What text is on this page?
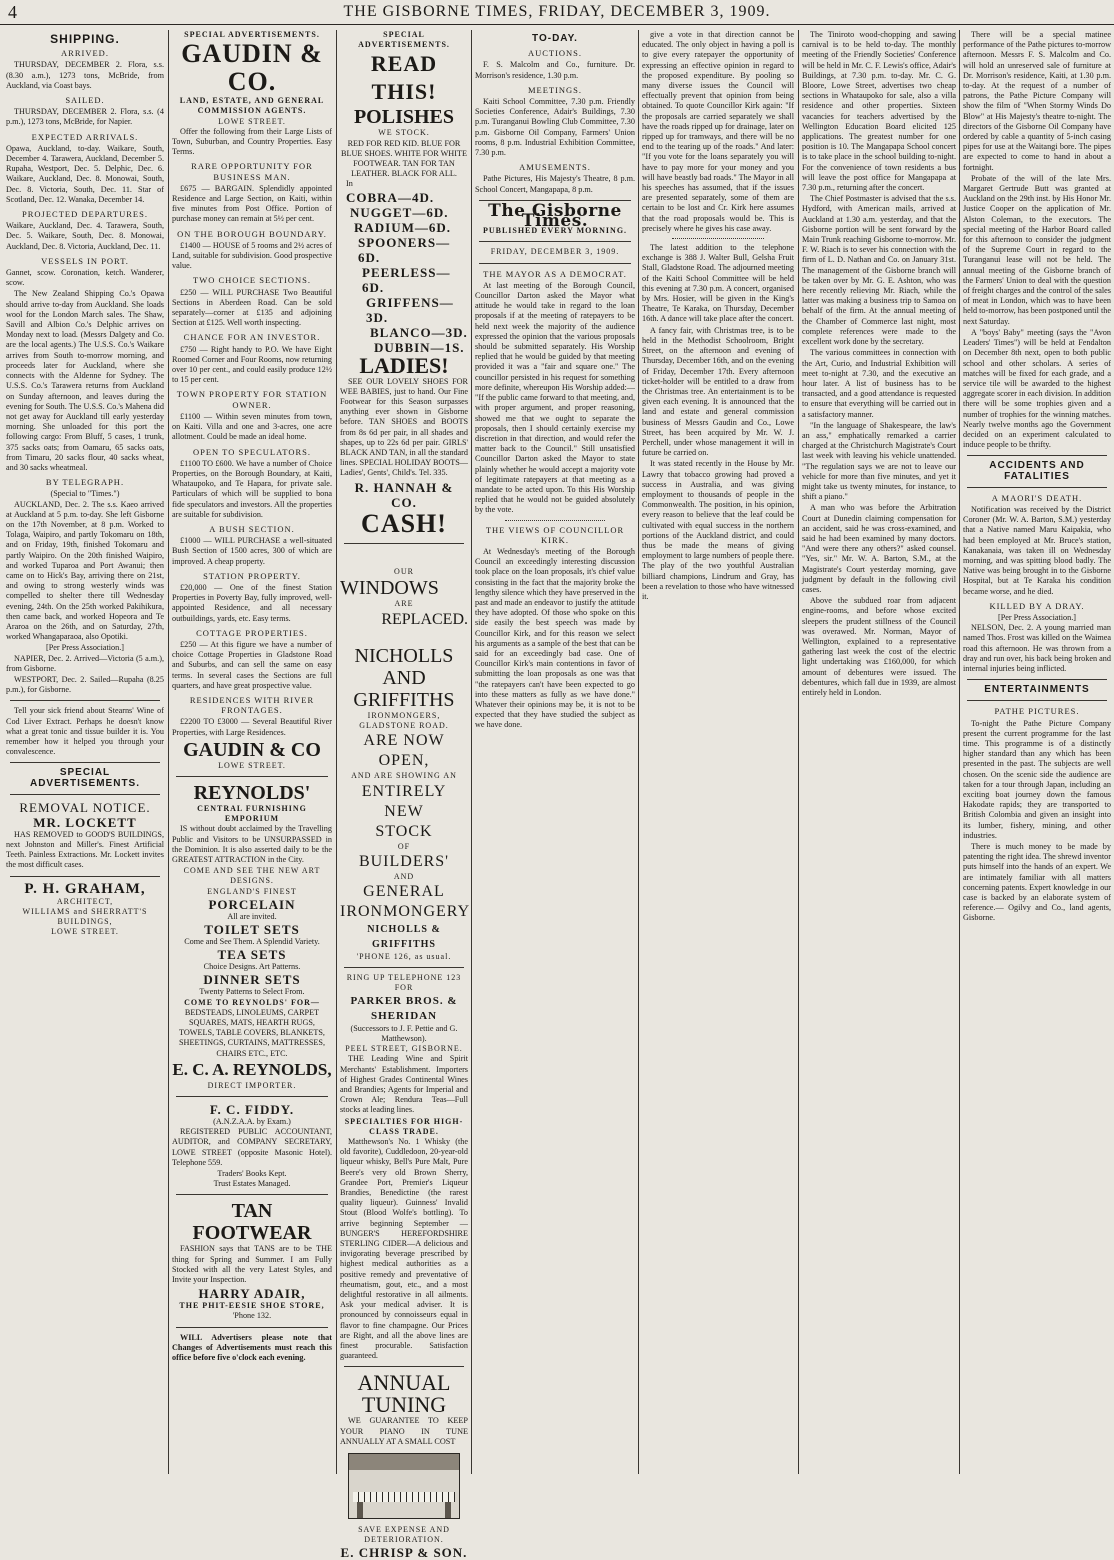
4	THE GISBORNE TIMES, FRIDAY, DECEMBER 3, 1909.
SHIPPING.
ARRIVED.

THURSDAY, DECEMBER 2. Flora, s.s. (8.30 a.m.), 1273 tons, McBride, from Auckland, via Coast bays.

SAILED.

THURSDAY, DECEMBER 2. Flora, s.s. (4 p.m.), 1273 tons, McBride, for Napier.

EXPECTED ARRIVALS.

Opawa, Auckland, to-day. Waikare, South, December 4. Tarawera, Auckland, December 5. Rupaha, Westport, Dec. 5. Delphic, Dec. 6. Waikare, Auckland, Dec. 8. Monowai, South, Dec. 8. Victoria, South, Dec. 11. Star of Scotland, Dec. 12. Wanaka, December 14.

PROJECTED DEPARTURES.

Waikare, Auckland, Dec. 4. Tarawera, South, Dec. 5. Waikare, South, Dec. 8. Monowai, Auckland, Dec. 8. Victoria, Auckland, Dec. 11.

VESSELS IN PORT.

Gannet, scow. Coronation, ketch. Wanderer, scow.

The New Zealand Shipping Co.'s Opawa should arrive to-day from Auckland. She loads wool for the London March sales. The Shaw, Savill and Albion Co.'s Delphic arrives on Monday next to load. (Messrs Dalgety and Co. are the local agents.) The U.S.S. Co.'s Waikare arrives from South to-morrow morning, and proceeds later for Auckland, where she connects with the Aldenne for Sydney. The U.S.S. Co.'s Tarawera returns from Auckland on Sunday afternoon, and leaves during the evening for South. The U.S.S. Co.'s Mahena did not get away for Auckland till early yesterday morning. She unloaded for this port the following cargo: From Bluff, 5 cases, 1 trunk, 375 sacks oats; from Oamaru, 65 sacks oats, from Timaru, 20 sacks flour, 40 sacks wheat, and 30 sacks wheatmeal.

BY TELEGRAPH.
(Special to "Times.")

AUCKLAND, Dec. 2. The s.s. Kaeo arrived at Auckland at 5 p.m. to-day. She left Gisborne on the 17th November, at 8 p.m. Worked to Tolaga, Waipiro, and partly Tokomaru on 18th, and on Friday, 19th, finished Tokomaru and partly Waipiro. On the 20th finished Waipiro, and worked Tuparoa and Port Awanui; then came on to Hick's Bay, arriving there on 21st, and owing to strong westerly winds was compelled to shelter there till Wednesday evening, 24th. On the 25th worked Pakihikura, then came back, and worked Hopeora and Te Araroa on the 26th, and on Saturday, 27th, worked Whangaparaoa, also Opotiki.

[Per Press Association.]

NAPIER, Dec. 2. Arrived—Victoria (5 a.m.), from Gisborne.

WESTPORT, Dec. 2. Sailed—Rupaha (8.25 p.m.), for Gisborne.

Tell your sick friend about Stearns' Wine of Cod Liver Extract. Perhaps he doesn't know what a great tonic and tissue builder it is. You remember how it helped you through your convalescence.

SPECIAL ADVERTISEMENTS.
REMOVAL NOTICE.
MR. LOCKETT

HAS REMOVED to GOOD'S BUILDINGS, next Johnston and Miller's. Finest Artificial Teeth. Painless Extractions. Mr. Lockett invites the most difficult cases.

P. H. GRAHAM,
ARCHITECT,
WILLIAMS and SHERRATT'S BUILDINGS,
LOWE STREET.
SPECIAL ADVERTISEMENTS.
GAUDIN & CO.
LAND, ESTATE, AND GENERAL COMMISSION AGENTS.
LOWE STREET.

Offer the following from their Large Lists of Town, Suburban, and Country Properties. Easy Terms.

RARE OPPORTUNITY FOR BUSINESS MAN.

£675 — BARGAIN. Splendidly appointed Residence and Large Section, on Kaiti, within five minutes from Post Office. Portion of purchase money can remain at 5½ per cent.

ON THE BOROUGH BOUNDARY.

£1400 — HOUSE of 5 rooms and 2½ acres of Land, suitable for subdivision. Good prospective value.

TWO CHOICE SECTIONS.

£250 — WILL PURCHASE Two Beautiful Sections in Aberdeen Road. Can be sold separately—corner at £135 and adjoining Section at £125. Well worth inspecting.

CHANCE FOR AN INVESTOR.

£750 — Right handy to P.O. We have Eight Roomed Corner and Four Rooms, now returning over 10 per cent., and could easily produce 12½ to 15 per cent.

TOWN PROPERTY FOR STATION OWNER.

£1100 — Within seven minutes from town, on Kaiti. Villa and one and 3-acres, one acre allotment. Could be made an ideal home.

OPEN TO SPECULATORS.

£1100 TO £600. We have a number of Choice Properties, on the Borough Boundary, at Kaiti, Whataupoko, and Te Hapara, for private sale. Particulars of which will be supplied to bona fide speculators and investors. All the properties are suitable for subdivision.

A BUSH SECTION.

£1000 — WILL PURCHASE a well-situated Bush Section of 1500 acres, 300 of which are improved. A cheap property.

STATION PROPERTY.

£20,000 — One of the finest Station Properties in Poverty Bay, fully improved, well-appointed Residence, and all necessary outbuildings, yards, etc. Easy terms.

COTTAGE PROPERTIES.

£250 — At this figure we have a number of choice Cottage Properties in Gladstone Road and Suburbs, and can sell the same on easy terms. In several cases the Sections are full quarters, and have great prospective value.

RESIDENCES WITH RIVER FRONTAGES.

£2200 TO £3000 — Several Beautiful River Properties, with Large Residences.

GAUDIN & CO
LOWE STREET.
REYNOLDS'
CENTRAL FURNISHING EMPORIUM

IS without doubt acclaimed by the Travelling Public and Visitors to be UNSURPASSED in the Dominion. It is also asserted daily to be the GREATEST ATTRACTION in the City.

COME AND SEE THE NEW ART DESIGNS.
ENGLAND'S FINEST
PORCELAIN
All are invited.
TOILET SETS
Come and See Them. A Splendid Variety.
TEA SETS
Choice Designs. Art Patterns.
DINNER SETS
Twenty Patterns to Select From.
COME TO REYNOLDS' FOR—
BEDSTEADS, LINOLEUMS, CARPET SQUARES, MATS, HEARTH RUGS, TOWELS, TABLE COVERS, BLANKETS, SHEETINGS, CURTAINS, MATTRESSES, CHAIRS ETC., ETC.
E. C. A. REYNOLDS,
DIRECT IMPORTER.
F. C. FIDDY.
(A.N.Z.A.A. by Exam.)

REGISTERED PUBLIC ACCOUNTANT, AUDITOR, and COMPANY SECRETARY, LOWE STREET (opposite Masonic Hotel). Telephone 559.

Traders' Books Kept.
Trust Estates Managed.
TAN FOOTWEAR

FASHION says that TANS are to be THE thing for Spring and Summer. I am Fully Stocked with all the very Latest Styles, and Invite your Inspection.

HARRY ADAIR,
THE PHIT-EESIE SHOE STORE,
'Phone 132.

WILL Advertisers please note that Changes of Advertisements must reach this office before five o'clock each evening.

SPECIAL ADVERTISEMENTS.
READ THIS!
POLISHES
WE STOCK.
RED FOR RED KID. BLUE FOR BLUE SHOES. WHITE FOR WHITE FOOTWEAR. TAN FOR TAN LEATHER. BLACK FOR ALL.
In
COBRA—4D.
NUGGET—6D.
RADIUM—6D.
SPOONERS—6D.
PEERLESS—6D.
GRIFFENS—3D.
BLANCO—3D.
DUBBIN—1S.
LADIES!

SEE OUR LOVELY SHOES FOR WEE BABIES, just to hand. Our Fine Footwear for this Season surpasses anything ever shown in Gisborne before. TAN SHOES and BOOTS from 8s 6d per pair, in all shades and shapes, up to 22s 6d per pair. GIRLS' BLACK AND TAN, in all the standard lines. SPECIAL HOLIDAY BOOTS—Ladies', Gents', Child's. Tel. 335.

R. HANNAH & CO.
CASH!
OUR
WINDOWS
ARE
REPLACED.
NICHOLLS AND GRIFFITHS
IRONMONGERS,
GLADSTONE ROAD.
ARE NOW OPEN,
AND ARE SHOWING AN
ENTIRELY NEW
STOCK
OF
BUILDERS'
AND
GENERAL
IRONMONGERY
NICHOLLS & GRIFFITHS
'PHONE 126, as usual.
RING UP TELEPHONE 123 FOR
PARKER BROS. & SHERIDAN
(Successors to J. F. Pettie and G. Matthewson).
PEEL STREET, GISBORNE.

THE Leading Wine and Spirit Merchants' Establishment. Importers of Highest Grades Continental Wines and Brandies; Agents for Imperial and Crown Ale; Rendura Teas—Full stocks at leading lines.

SPECIALTIES FOR HIGH-CLASS TRADE.

Matthewson's No. 1 Whisky (the old favorite), Cuddledoon, 20-year-old liqueur whisky, Bell's Pure Malt, Pure Beere's very old Brown Sherry, Grandee Port, Premier's Liqueur Brandies, Benedictine (the rarest quality liqueur). Guinness' Invalid Stout (Blood Wolfe's bottling). To arrive beginning September — BUNGER'S HEREFORDSHIRE STERLING CIDER—A delicious and invigorating beverage prescribed by highest medical authorities as a positive remedy and preventative of rheumatism, gout, etc., and a most delightful restorative in all ailments. Ask your medical adviser. It is pronounced by connoisseurs equal in flavor to fine champagne. Our Prices are Right, and all the above lines are finest procurable. Satisfaction guaranteed.

ANNUAL
TUNING

WE GUARANTEE TO KEEP YOUR PIANO IN TUNE ANNUALLY AT A SMALL COST

SAVE EXPENSE AND DETERIORATION.
E. CHRISP & SON.
TO-DAY.
AUCTIONS.

F. S. Malcolm and Co., furniture. Dr. Morrison's residence, 1.30 p.m.

MEETINGS.

Kaiti School Committee, 7.30 p.m. Friendly Societies Conference, Adair's Buildings, 7.30 p.m. Turanganui Bowling Club Committee, 7.30 p.m. Gisborne Oil Company, Farmers' Union rooms, 8 p.m. Industrial Exhibition Committee, 7.30 p.m.

AMUSEMENTS.

Pathe Pictures, His Majesty's Theatre, 8 p.m. School Concert, Mangapapa, 8 p.m.

The Gisborne Times.
PUBLISHED EVERY MORNING.
FRIDAY, DECEMBER 3, 1909.
THE MAYOR AS A DEMOCRAT.

At last meeting of the Borough Council, Councillor Darton asked the Mayor what attitude he would take in regard to the loan proposals if at the meeting of ratepayers to be held next week the majority of the audience expressed the opinion that the various proposals should be submitted separately. His Worship replied that he would be guided by that meeting provided it was a "fair and square one." The councillor persisted in his request for something more definite, whereupon His Worship added:— "If the public came forward to that meeting, and, with proper argument, and proper reasoning, showed me that we ought to separate the proposals, then I should certainly exercise my discretion in that direction, and would refer the matter back to the Council." Still unsatisfied Councillor Darton asked the Mayor to state plainly whether he would accept a majority vote of legitimate ratepayers at that meeting as a mandate to be acted upon. To this His Worship replied that he would not be guided absolutely by the vote.

THE VIEWS OF COUNCILLOR KIRK.

At Wednesday's meeting of the Borough Council an exceedingly interesting discussion took place on the loan proposals, it's chief value consisting in the fact that the majority broke the lengthy silence which they have preserved in the past and made an endeavor to justify the attitude they have adopted. Of those who spoke on this side easily the best speech was made by Councillor Kirk, and for this reason we select his arguments as a sample of the best that can be said for an exceedingly bad case. One of Councillor Kirk's main contentions in favor of submitting the loan proposals as one was that "the ratepayers can't have been expected to go into these matters as fully as we have done." Whatever their opinions may be, it is not to be expected that they have studied the subject as we have done.

give a vote in that direction cannot be educated. The only object in having a poll is to give every ratepayer the opportunity of expressing an effective opinion in regard to the proposed expenditure. By pooling so many diverse issues the Council will effectually prevent that opinion from being obtained. To quote Councillor Kirk again: "If the proposals are carried separately we shall have the roads ripped up for drainage, later on ripped up for tramways, and there will be no end to the tearing up of the roads." And later: "If you vote for the loans separately you will have to pay more for your money and you will have beastly bad roads." The Mayor in all his speeches has assumed, that if the issues are presented separately, some of them are certain to be lost and Cr. Kirk here assumes that the road proposals would be. This is precisely where he gives his case away.

The latest addition to the telephone exchange is 388 J. Walter Bull, Gelsha Fruit Stall, Gladstone Road. The adjourned meeting of the Kaiti School Committee will be held this evening at 7.30 p.m. A concert, organised by Mrs. Hosier, will be given in the King's Theatre, Te Karaka, on Thursday, December 16th. A dance will take place after the concert.

A fancy fair, with Christmas tree, is to be held in the Methodist Schoolroom, Bright Street, on the afternoon and evening of Thursday, December 16th, and on the evening of Friday, December 17th. Every afternoon ticket-holder will be entitled to a draw from the Christmas tree. An entertainment is to be given each evening. It is announced that the land and estate and general commission business of Messrs Gaudin and Co., Lowe Street, has been acquired by Mr. W. J. Perchell, under whose management it will in future be carried on.

It was stated recently in the House by Mr. Lawry that tobacco growing had proved a success in Australia, and was giving employment to thousands of people in the Commonwealth. The position, in his opinion, every reason to believe that the leaf could be cultivated with equal success in the northern portions of the Auckland district, and could thus be made the means of giving employment to large numbers of people there. The play of the two youthful Australian billiard champions, Lindrum and Gray, has been a revelation to those who have witnessed it.

The Tiniroto wood-chopping and sawing carnival is to be held to-day. The monthly meeting of the Friendly Societies' Conference will be held in Mr. C. F. Lewis's office, Adair's Buildings, at 7.30 p.m. to-day. Mr. C. G. Bloore, Lowe Street, advertises two cheap sections in Whataupoko for sale, also a villa residence and other properties. Sixteen vacancies for teachers advertised by the Wellington Education Board elicited 125 applications. The greatest number for one position is 10. The Mangapapa School concert is to take place in the school building to-night. For the convenience of town residents a bus will leave the post office for Mangapapa at 7.30 p.m., returning after the concert.

The Chief Postmaster is advised that the s.s. Hydford, with American mails, arrived at Auckland at 1.30 a.m. yesterday, and that the Gisborne portion will be sent forward by the Main Trunk reaching Gisborne to-morrow. Mr. F. W. Riach is to sever his connection with the firm of L. D. Nathan and Co. on January 31st. The management of the Gisborne branch will be taken over by Mr. G. E. Ashton, who was here recently relieving Mr. Riach, while the latter was making a business trip to Samoa on behalf of the firm. At the annual meeting of the Chamber of Commerce last night, most complete references were made to the excellent work done by the secretary.

The various committees in connection with the Art, Curio, and Industrial Exhibition will meet to-night at 7.30, and the executive an hour later. A list of business has to be transacted, and a good attendance is requested to ensure that everything will be carried out in a satisfactory manner.

"In the language of Shakespeare, the law's an ass," emphatically remarked a carrier charged at the Christchurch Magistrate's Court last week with leaving his vehicle unattended. "The regulation says we are not to leave our vehicle for more than five minutes, and yet it might take us twenty minutes, for instance, to shift a piano."

A man who was before the Arbitration Court at Dunedin claiming compensation for an accident, said he was cross-examined, and said he had been examined by many doctors. "And were there any others?" asked counsel. "Yes, sir." Mr. W. A. Barton, S.M., at the Magistrate's Court yesterday morning, gave judgment by default in the following civil cases.

Above the subdued roar from adjacent engine-rooms, and before whose excited sleepers the prudent stillness of the Council was overawed. Mr. Norman, Mayor of Wellington, explained to a representative gathering last week the cost of the electric light undertaking was £160,000, for which amount of debentures were issued. The debentures, which fall due in 1939, are almost entirely held in London.

There will be a special matinee performance of the Pathe pictures to-morrow afternoon. Messrs F. S. Malcolm and Co. will hold an unreserved sale of furniture at Dr. Morrison's residence, Kaiti, at 1.30 p.m. to-day. At the request of a number of patrons, the Pathe Picture Company will show the film of "When Stormy Winds Do Blow" at His Majesty's theatre to-night. The directors of the Gisborne Oil Company have ordered by cable a quantity of 5-inch casing pipes for use at the Waitangi bore. The pipes are expected to come to hand in about a fortnight.

Probate of the will of the late Mrs. Margaret Gertrude Butt was granted at Auckland on the 29th inst. by His Honor Mr. Justice Cooper on the application of Mr. Alston Coleman, to the executors. The special meeting of the Harbor Board called for this afternoon to consider the judgment of the Supreme Court in regard to the Turanganui lease will not be held. The annual meeting of the Gisborne branch of the Farmers' Union to deal with the question of freight charges and the control of the sales of meat in London, which was to have been held to-morrow, has been postponed until the next Saturday.

A "boys' Baby" meeting (says the "Avon Leaders' Times") will be held at Fendalton on December 8th next, open to both public school and other scholars. A series of matches will be fixed for each grade, and a service tile will be awarded to the highest aggregate scorer in each division. In addition there will be some trophies given and a number of trophies for the winning matches. Nearly twelve months ago the Government decided on an experiment calculated to induce people to be thrifty.

ACCIDENTS AND FATALITIES
A MAORI'S DEATH.

Notification was received by the District Coroner (Mr. W. A. Barton, S.M.) yesterday that a Native named Maru Kaipakia, who had been employed at Mr. Bruce's station, Kanakanaia, was taken ill on Wednesday morning, and was spitting blood badly. The Native was being brought in to the Gisborne Hospital, but at Te Karaka his condition became worse, and he died.

KILLED BY A DRAY.
[Per Press Association.]

NELSON, Dec. 2. A young married man named Thos. Frost was killed on the Waimea road this afternoon. He was thrown from a dray and run over, his back being broken and internal injuries being inflicted.

ENTERTAINMENTS
PATHE PICTURES.

To-night the Pathe Picture Company present the current programme for the last time. This programme is of a distinctly higher standard than any which has been presented in the past. The subjects are well chosen. On the scenic side the audience are taken for a tour through Japan, including an exciting boat journey down the famous Hakodate rapids; they are transported to British Colombia and given an insight into its lumber, fishery, mining, and other industries.

There is much money to be made by patenting the right idea. The shrewd inventor puts himself into the hands of an expert. We are intimately familiar with all matters concerning patents. Expert knowledge in our case is backed by an elaborate system of reference.— Ogilvy and Co., land agents, Gisborne.
